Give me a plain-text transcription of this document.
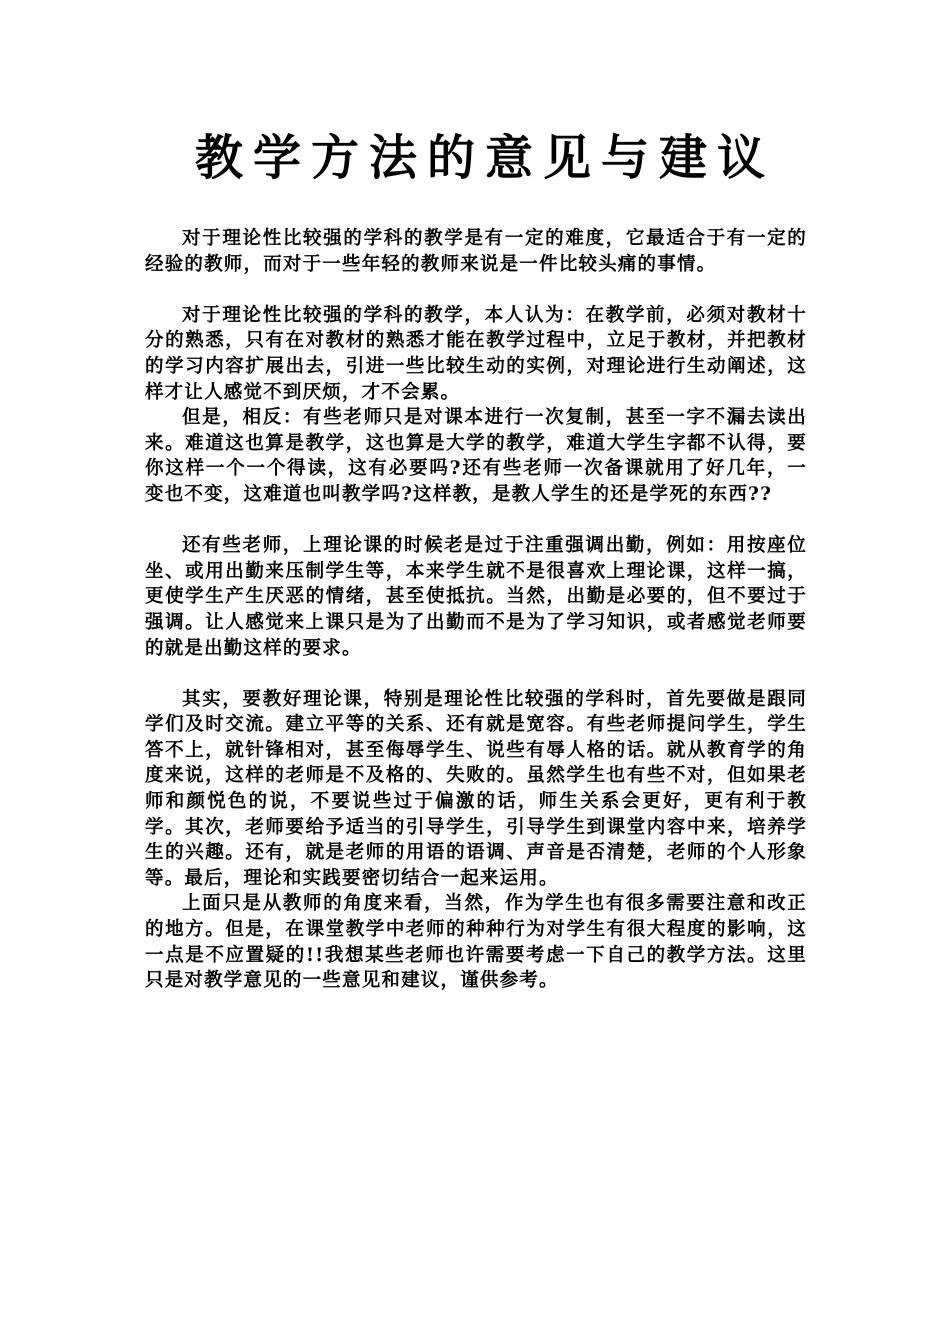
教学方法的意见与建议

对于理论性比较强的学科的教学是有一定的难度，它最适合于有一定的经验的教师，而对于一些年轻的教师来说是一件比较头痛的事情。

对于理论性比较强的学科的教学，本人认为：在教学前，必须对教材十分的熟悉，只有在对教材的熟悉才能在教学过程中，立足于教材，并把教材的学习内容扩展出去，引进一些比较生动的实例，对理论进行生动阐述，这样才让人感觉不到厌烦，才不会累。

但是，相反：有些老师只是对课本进行一次复制，甚至一字不漏去读出来。难道这也算是教学，这也算是大学的教学，难道大学生字都不认得，要你这样一个一个得读，这有必要吗?还有些老师一次备课就用了好几年，一变也不变，这难道也叫教学吗?这样教，是教人学生的还是学死的东西??

还有些老师，上理论课的时候老是过于注重强调出勤，例如：用按座位坐、或用出勤来压制学生等，本来学生就不是很喜欢上理论课，这样一搞，更使学生产生厌恶的情绪，甚至使抵抗。当然，出勤是必要的，但不要过于强调。让人感觉来上课只是为了出勤而不是为了学习知识，或者感觉老师要的就是出勤这样的要求。

其实，要教好理论课，特别是理论性比较强的学科时，首先要做是跟同学们及时交流。建立平等的关系、还有就是宽容。有些老师提问学生，学生答不上，就针锋相对，甚至侮辱学生、说些有辱人格的话。就从教育学的角度来说，这样的老师是不及格的、失败的。虽然学生也有些不对，但如果老师和颜悦色的说，不要说些过于偏激的话，师生关系会更好，更有利于教学。其次，老师要给予适当的引导学生，引导学生到课堂内容中来，培养学生的兴趣。还有，就是老师的用语的语调、声音是否清楚，老师的个人形象等。最后，理论和实践要密切结合一起来运用。

上面只是从教师的角度来看，当然，作为学生也有很多需要注意和改正的地方。但是，在课堂教学中老师的种种行为对学生有很大程度的影响，这一点是不应置疑的!!我想某些老师也许需要考虑一下自己的教学方法。这里只是对教学意见的一些意见和建议，谨供参考。
